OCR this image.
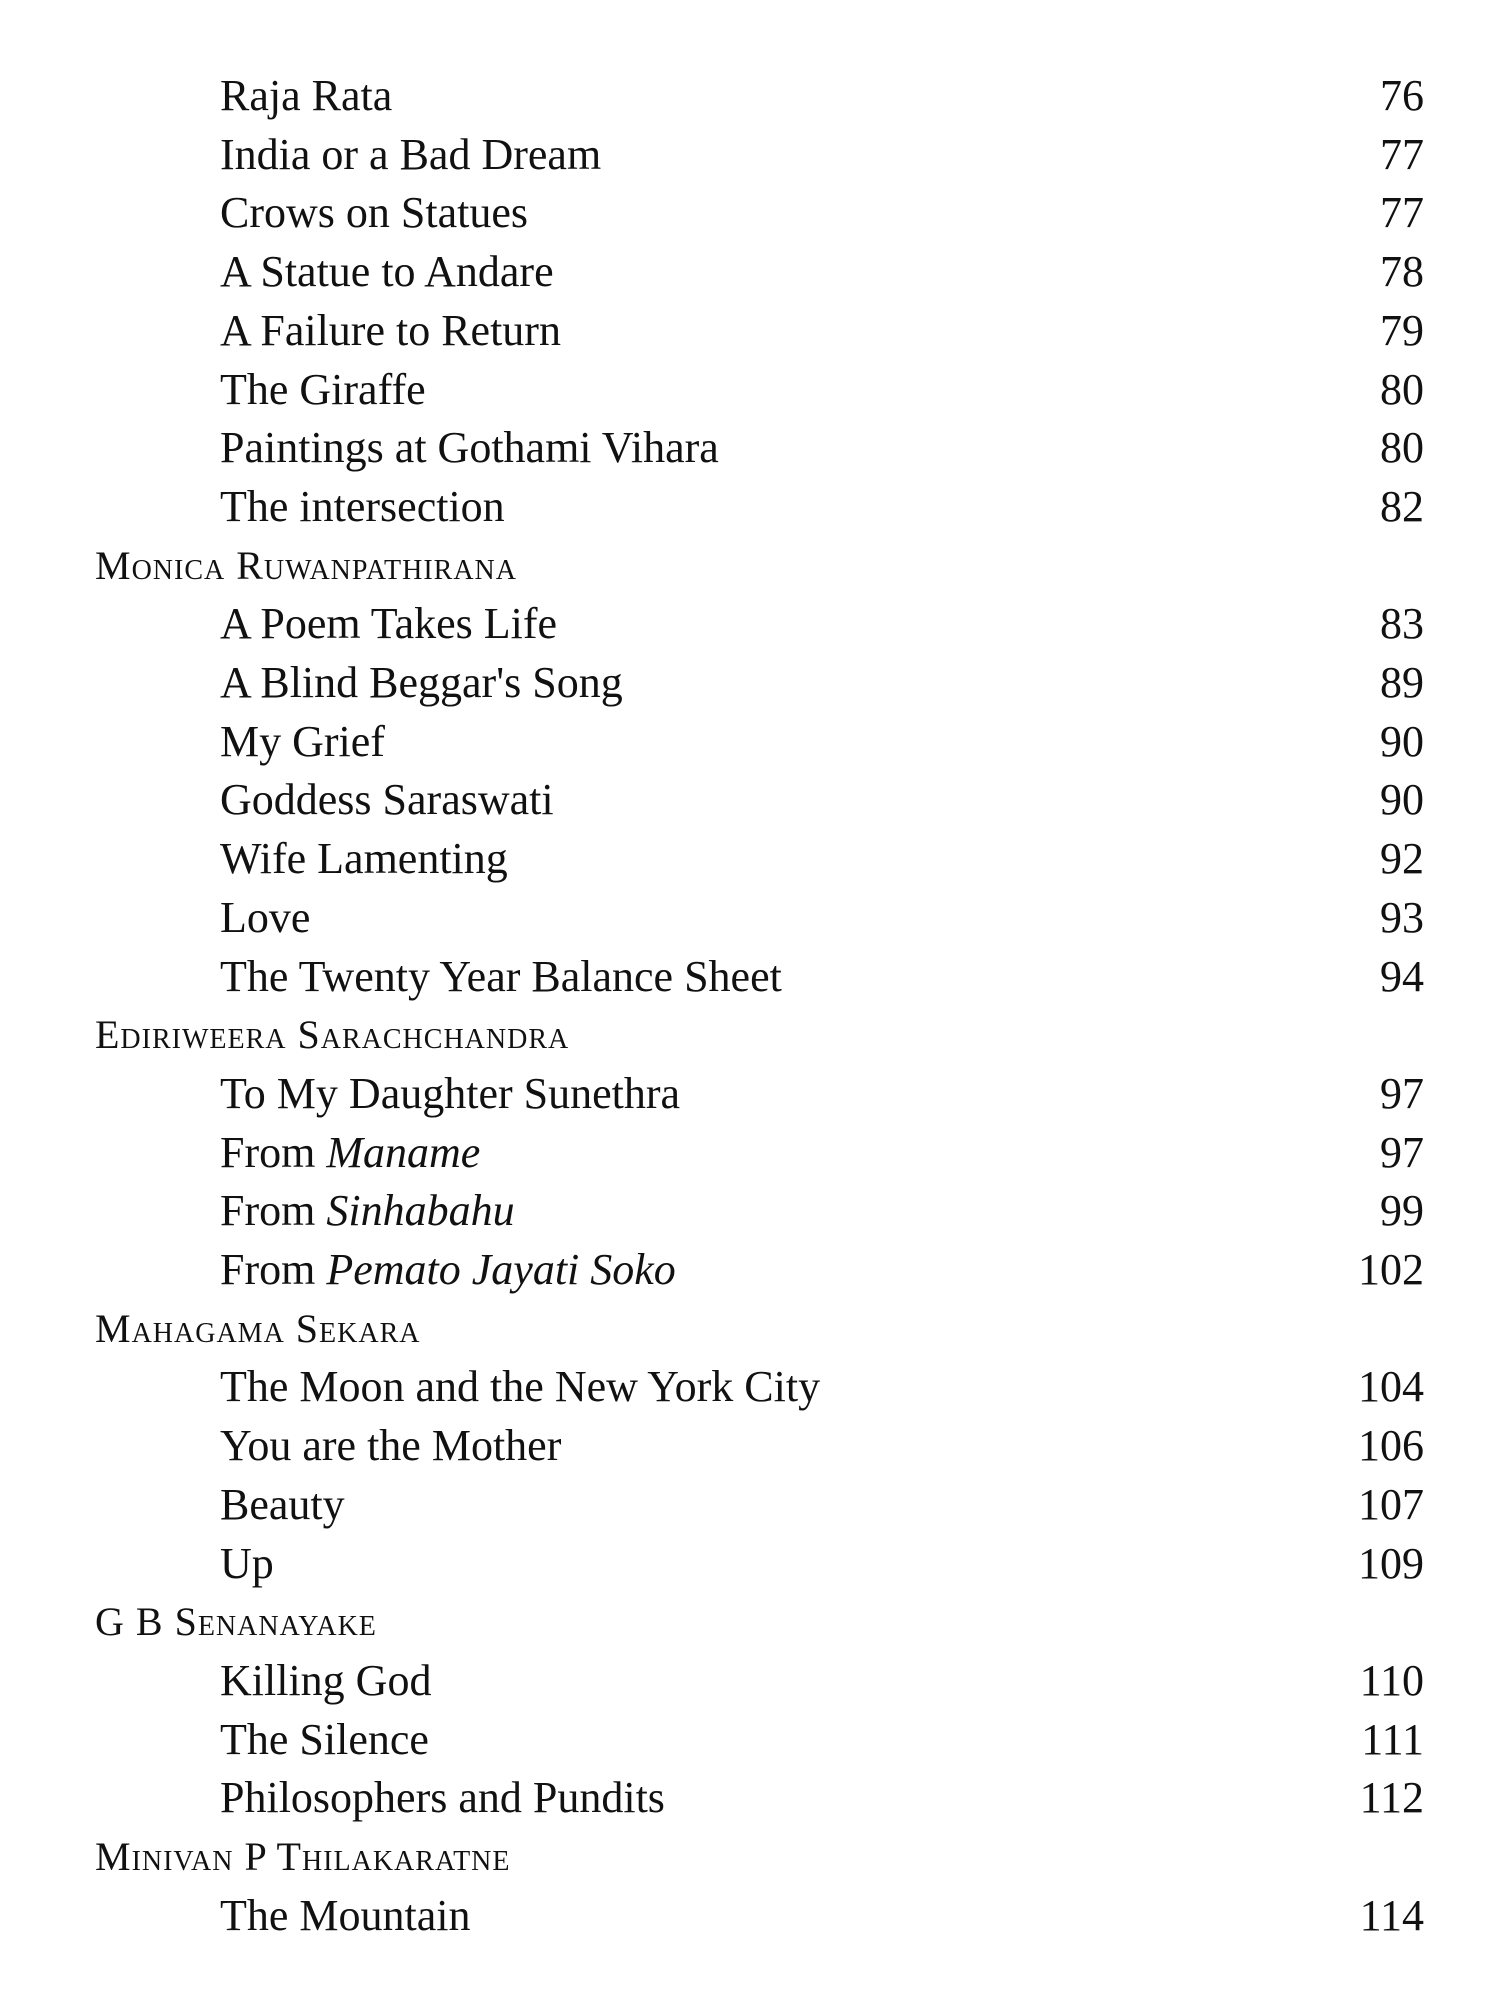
Raja Rata	76
India or a Bad Dream	77
Crows on Statues	77
A Statue to Andare	78
A Failure to Return	79
The Giraffe	80
Paintings at Gothami Vihara	80
The intersection	82
Monica Ruwanpathirana
A Poem Takes Life	83
A Blind Beggar's Song	89
My Grief	90
Goddess Saraswati	90
Wife Lamenting	92
Love	93
The Twenty Year Balance Sheet	94
Ediriweera Sarachchandra
To My Daughter Sunethra	97
From Maname	97
From Sinhabahu	99
From Pemato Jayati Soko	102
Mahagama Sekara
The Moon and the New York City	104
You are the Mother	106
Beauty	107
Up	109
G B Senanayake
Killing God	110
The Silence	111
Philosophers and Pundits	112
Minivan P Thilakaratne
The Mountain	114
